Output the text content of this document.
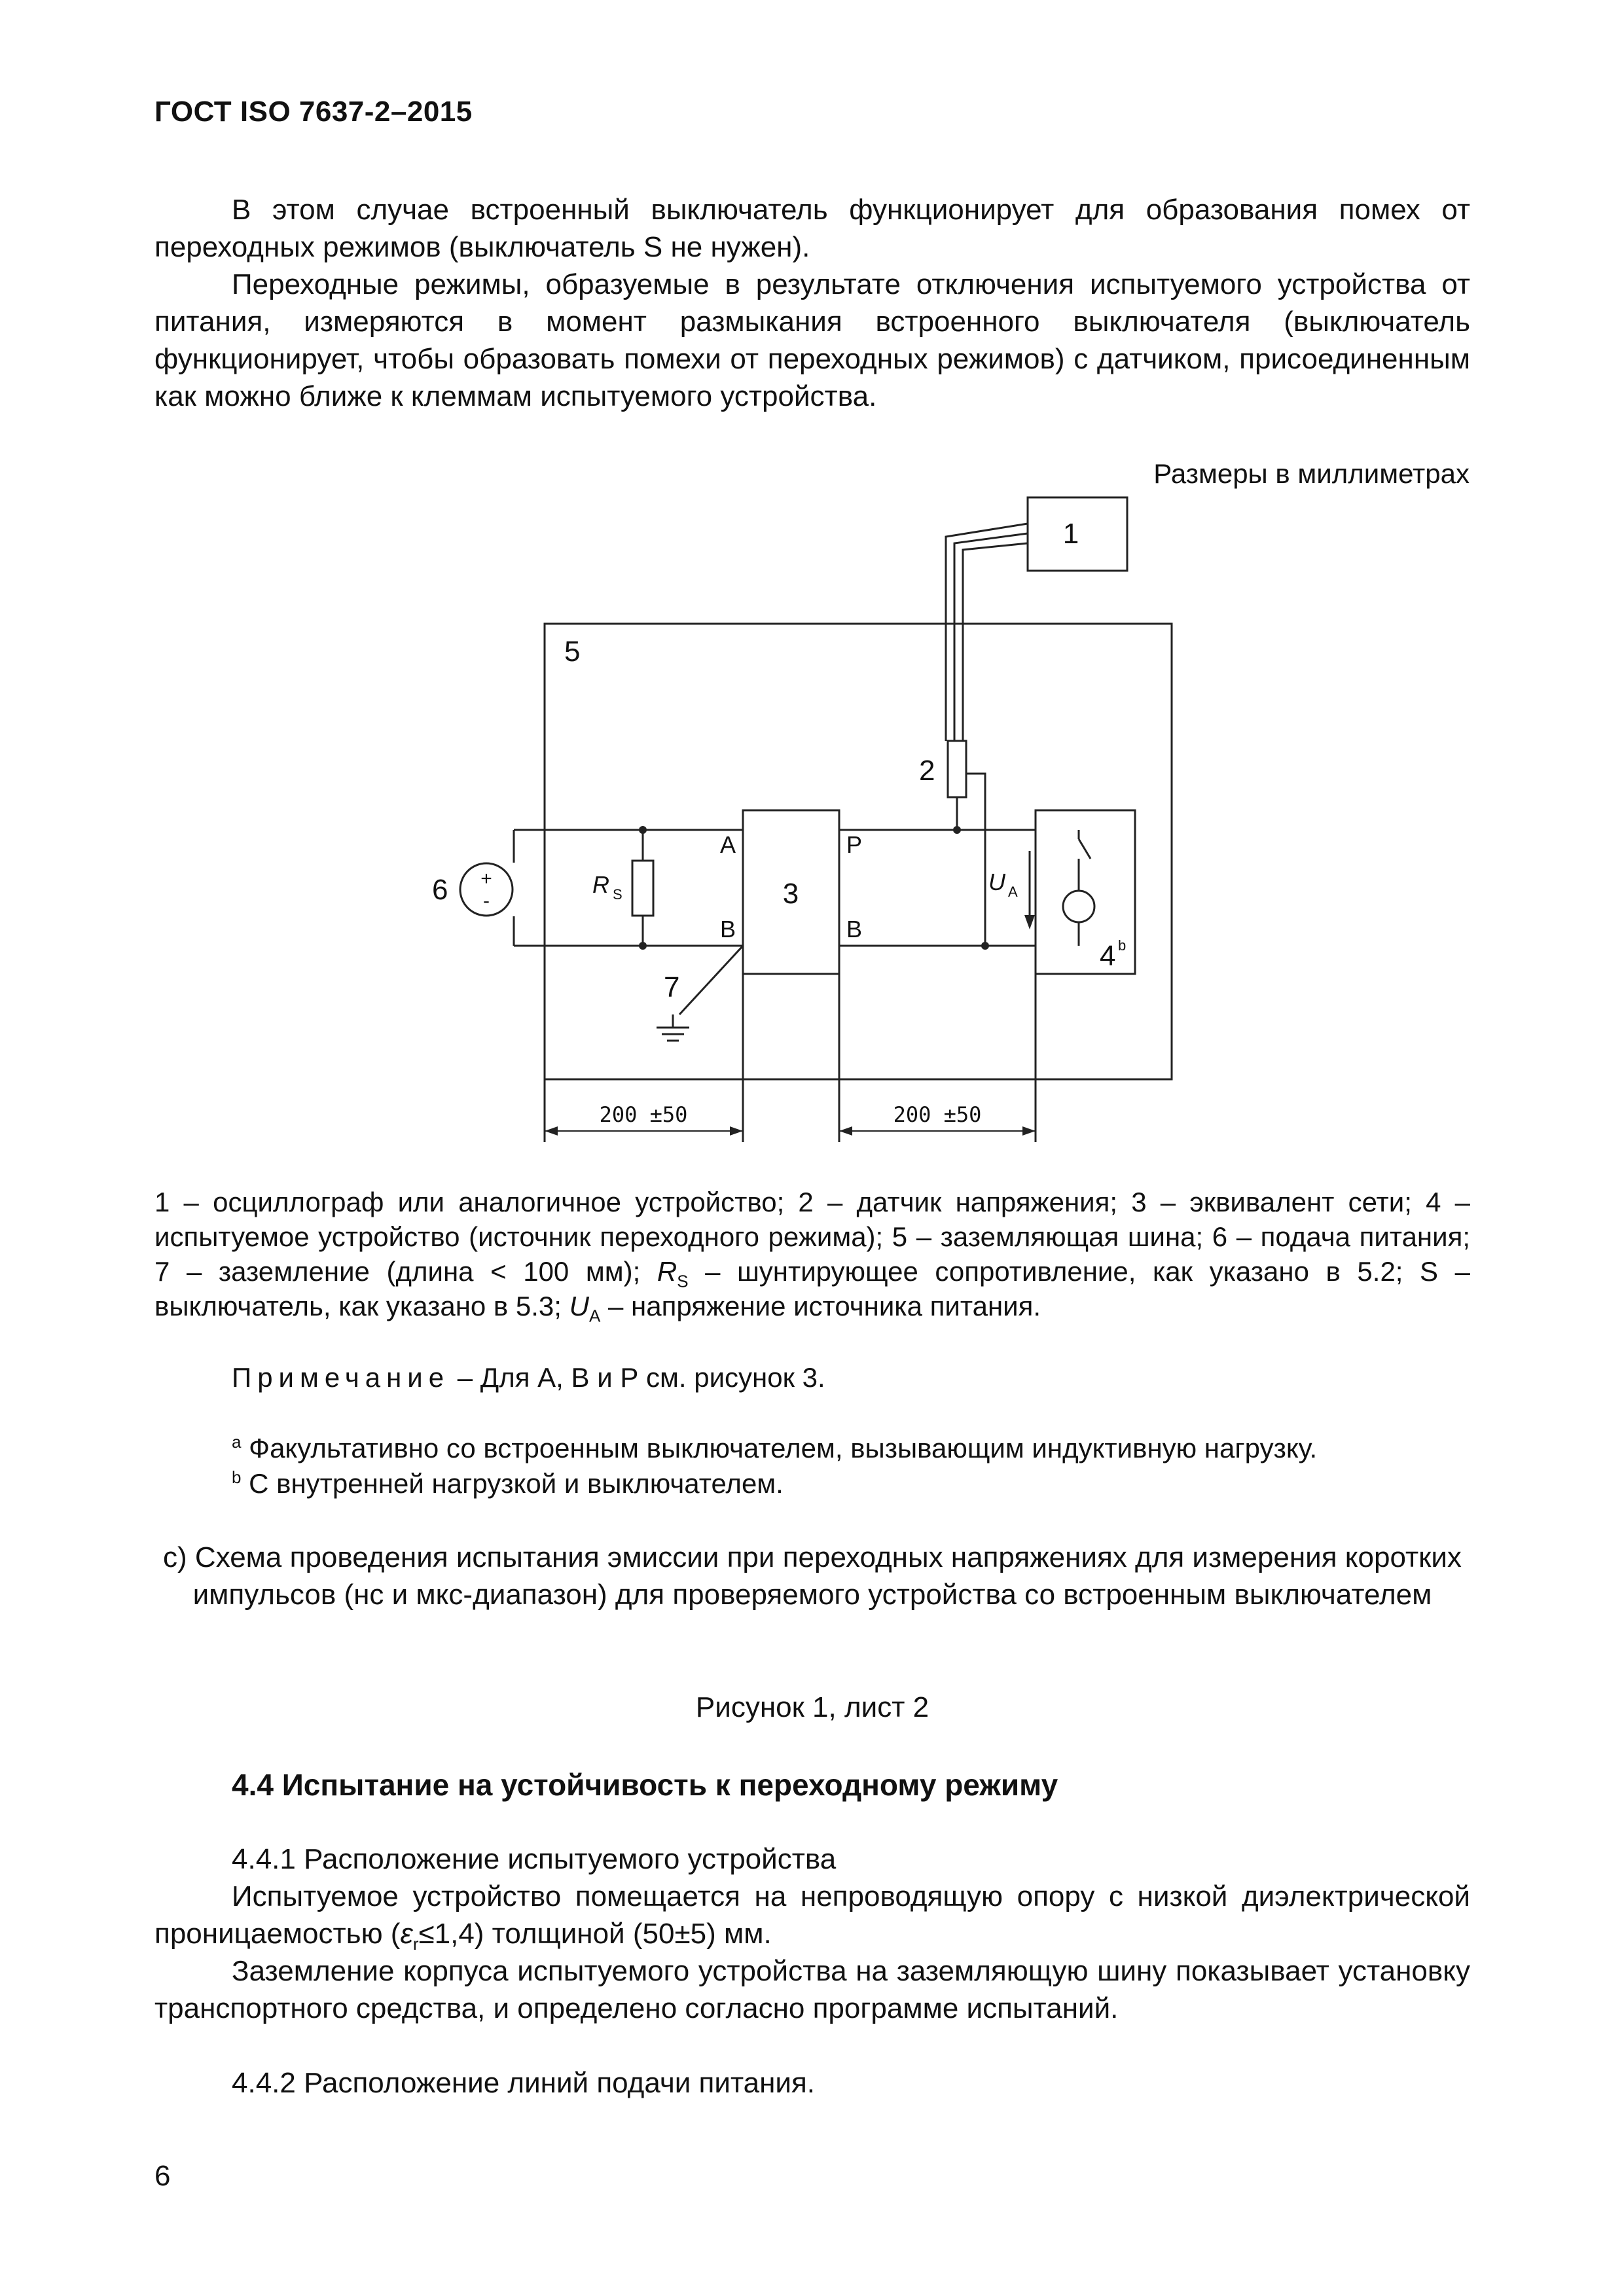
ГОСТ ISO 7637-2–2015
В этом случае встроенный выключатель функционирует для образования помех от переходных режимов (выключатель S не нужен).
Переходные режимы, образуемые в результате отключения испытуемого устройства от питания, измеряются в момент размыкания встроенного выключателя (выключатель функционирует, чтобы образовать помехи от переходных режимов) с датчиком, присоединенным как можно ближе к клеммам испытуемого устройства.
Размеры в миллиметрах
1
5
2
3
4 b
6 +
-
7
A
B
P
B
R S	U A
200 ±50	200 ±50
1 – осциллограф или аналогичное устройство; 2 – датчик напряжения; 3 – эквивалент сети; 4 – испытуемое устройство (источник переходного режима); 5 – заземляющая шина; 6 – подача питания; 7 – заземление (длина < 100 мм); $R_S$ – шунтирующее сопротивление, как указано в 5.2; S – выключатель, как указано в 5.3; $U_A$ – напряжение источника питания.
Примечание – Для А, В и Р см. рисунок 3.
$^a$ Факультативно со встроенным выключателем, вызывающим индуктивную нагрузку.
$^b$ С внутренней нагрузкой и выключателем.
с) Схема проведения испытания эмиссии при переходных напряжениях для измерения коротких импульсов (нс и мкс-диапазон) для проверяемого устройства со встроенным выключателем
Рисунок 1, лист 2
4.4 Испытание на устойчивость к переходному режиму
4.4.1 Расположение испытуемого устройства
Испытуемое устройство помещается на непроводящую опору с низкой диэлектрической проницаемостью $(\varepsilon_r\le 1,4)$ толщиной (50±5) мм.
Заземление корпуса испытуемого устройства на заземляющую шину показывает установку транспортного средства, и определено согласно программе испытаний.
4.4.2 Расположение линий подачи питания.
6
